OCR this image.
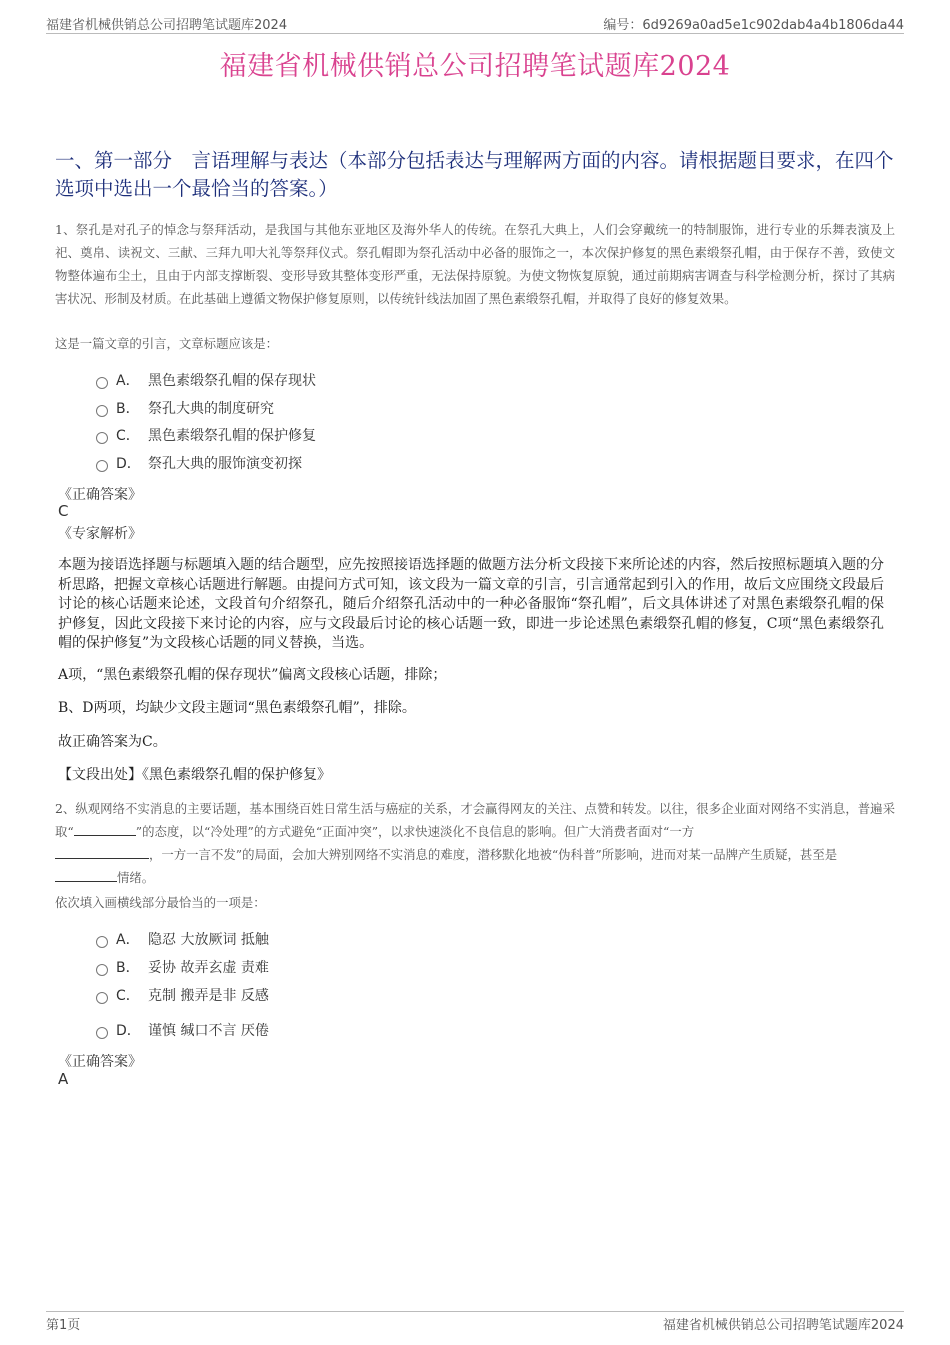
福建省机械供销总公司招聘笔试题库2024	编号：6d9269a0ad5e1c902dab4a4b1806da44
福建省机械供销总公司招聘笔试题库2024
一、第一部分　言语理解与表达（本部分包括表达与理解两方面的内容。请根据题目要求，在四个选项中选出一个最恰当的答案。）
1、祭孔是对孔子的悼念与祭拜活动，是我国与其他东亚地区及海外华人的传统。在祭孔大典上，人们会穿戴统一的特制服饰，进行专业的乐舞表演及上祀、奠帛、读祝文、三献、三拜九叩大礼等祭拜仪式。祭孔帽即为祭孔活动中必备的服饰之一，本次保护修复的黑色素缎祭孔帽，由于保存不善，致使文物整体遍布尘土，且由于内部支撑断裂、变形导致其整体变形严重，无法保持原貌。为使文物恢复原貌，通过前期病害调查与科学检测分析，探讨了其病害状况、形制及材质。在此基础上遵循文物保护修复原则，以传统针线法加固了黑色素缎祭孔帽，并取得了良好的修复效果。
这是一篇文章的引言，文章标题应该是：
A． 黑色素缎祭孔帽的保存现状
B． 祭孔大典的制度研究
C． 黑色素缎祭孔帽的保护修复
D． 祭孔大典的服饰演变初探
《正确答案》
C
《专家解析》
本题为接语选择题与标题填入题的结合题型，应先按照接语选择题的做题方法分析文段接下来所论述的内容，然后按照标题填入题的分析思路，把握文章核心话题进行解题。由提问方式可知，该文段为一篇文章的引言，引言通常起到引入的作用，故后文应围绕文段最后讨论的核心话题来论述，文段首句介绍祭孔，随后介绍祭孔活动中的一种必备服饰“祭孔帽”，后文具体讲述了对黑色素缎祭孔帽的保护修复，因此文段接下来讨论的内容，应与文段最后讨论的核心话题一致，即进一步论述黑色素缎祭孔帽的修复，C项“黑色素缎祭孔帽的保护修复”为文段核心话题的同义替换，当选。
A项，“黑色素缎祭孔帽的保存现状”偏离文段核心话题，排除；
B、D两项，均缺少文段主题词“黑色素缎祭孔帽”，排除。
故正确答案为C。
【文段出处】《黑色素缎祭孔帽的保护修复》
2、纵观网络不实消息的主要话题，基本围绕百姓日常生活与癌症的关系，才会赢得网友的关注、点赞和转发。以往，很多企业面对网络不实消息，普遍采取“	”的态度，以“冷处理”的方式避免“正面冲突”，以求快速淡化不良信息的影响。但广大消费者面对“一方
，一方一言不发”的局面，会加大辨别网络不实消息的难度，潜移默化地被“伪科普”所影响，进而对某一品牌产生质疑，甚至是
情绪。
依次填入画横线部分最恰当的一项是：
A． 隐忍 大放厥词 抵触
B． 妥协 故弄玄虚 责难
C． 克制 搬弄是非 反感
D． 谨慎 缄口不言 厌倦
《正确答案》
A
第1页	福建省机械供销总公司招聘笔试题库2024
